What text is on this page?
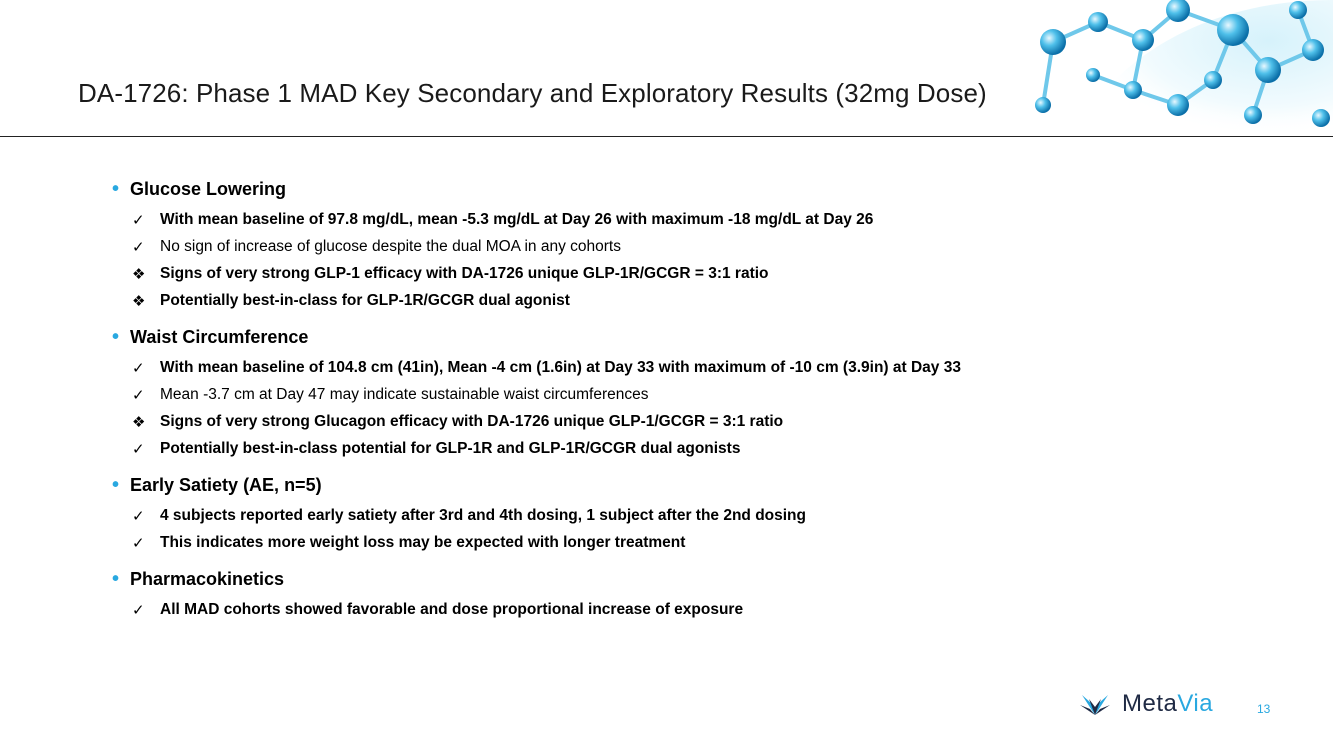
DA-1726: Phase 1 MAD Key Secondary and Exploratory Results (32mg Dose)
• Glucose Lowering
✓ With mean baseline of 97.8 mg/dL, mean -5.3 mg/dL at Day 26 with maximum -18 mg/dL at Day 26
✓ No sign of increase of glucose despite the dual MOA in any cohorts
❖ Signs of very strong GLP-1 efficacy with DA-1726 unique GLP-1R/GCGR = 3:1 ratio
❖ Potentially best-in-class for GLP-1R/GCGR dual agonist
• Waist Circumference
✓ With mean baseline of 104.8 cm (41in), Mean -4 cm (1.6in) at Day 33 with maximum of -10 cm (3.9in) at Day 33
✓ Mean -3.7 cm at Day 47 may indicate sustainable waist circumferences
❖ Signs of very strong Glucagon efficacy with DA-1726 unique GLP-1/GCGR = 3:1 ratio
✓ Potentially best-in-class potential for GLP-1R and GLP-1R/GCGR dual agonists
• Early Satiety (AE, n=5)
✓ 4 subjects reported early satiety after 3rd and 4th dosing, 1 subject after the 2nd dosing
✓ This indicates more weight loss may be expected with longer treatment
• Pharmacokinetics
✓ All MAD cohorts showed favorable and dose proportional increase of exposure
MetaVia	13
